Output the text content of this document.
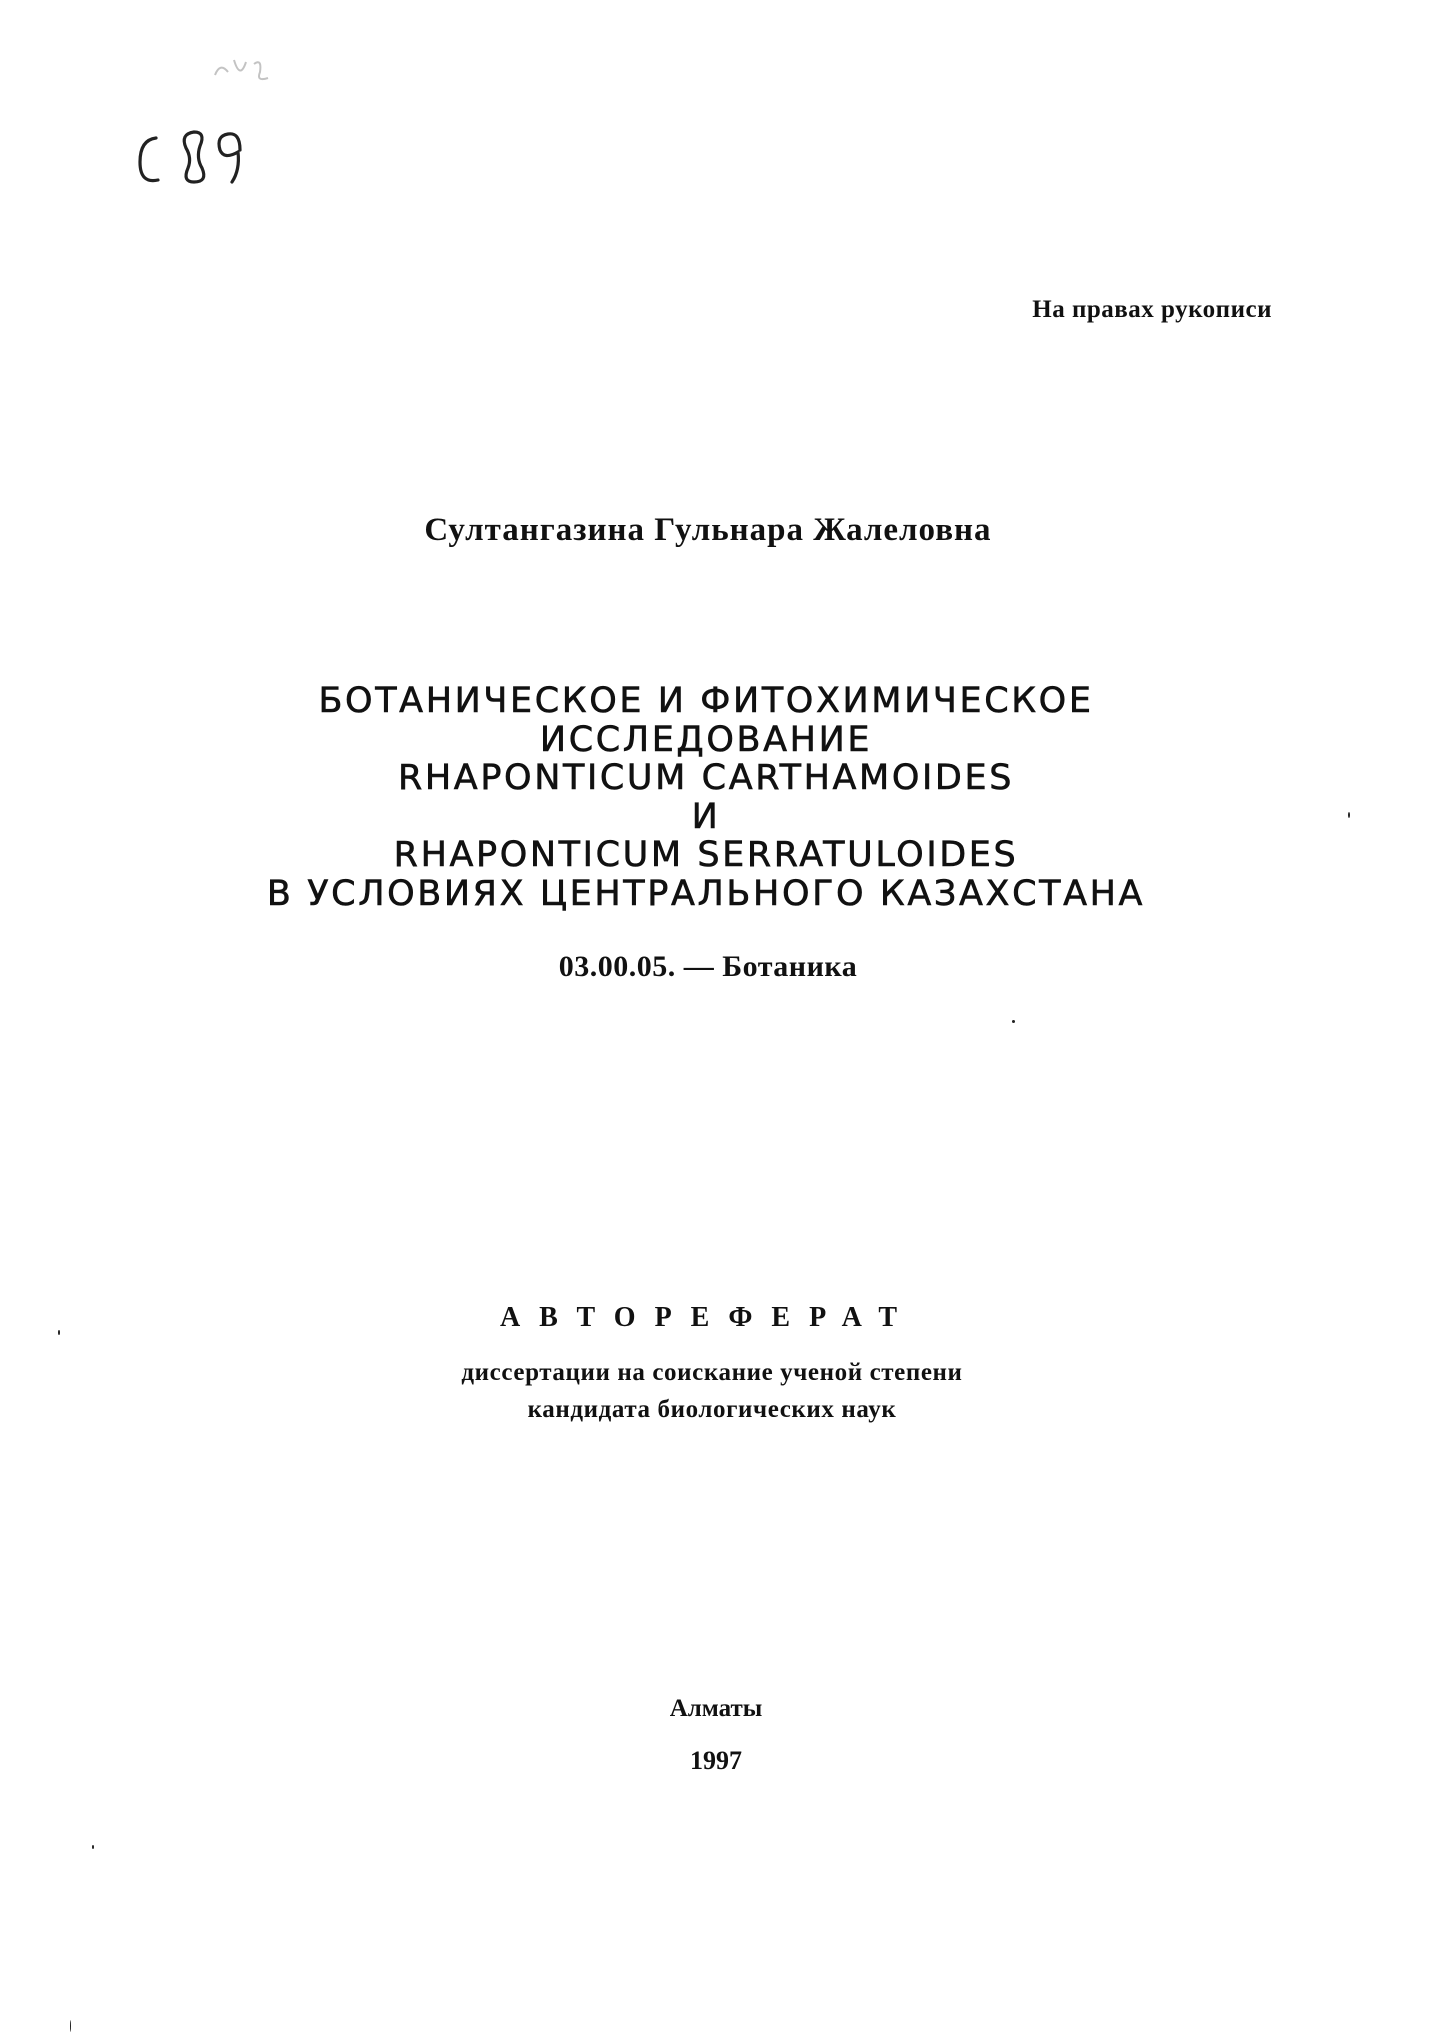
На правах рукописи
Султангазина Гульнара Жалеловна
БОТАНИЧЕСКОЕ И ФИТОХИМИЧЕСКОЕ
ИССЛЕДОВАНИЕ
RHAPONTICUM CARTHAMOIDES
И
RHAPONTICUM SERRATULOIDES
В УСЛОВИЯХ ЦЕНТРАЛЬНОГО КАЗАХСТАНА
03.00.05. — Ботаника
АВТОРЕФЕРАТ
диссертации на соискание ученой степени
кандидата биологических наук
Алматы
1997
